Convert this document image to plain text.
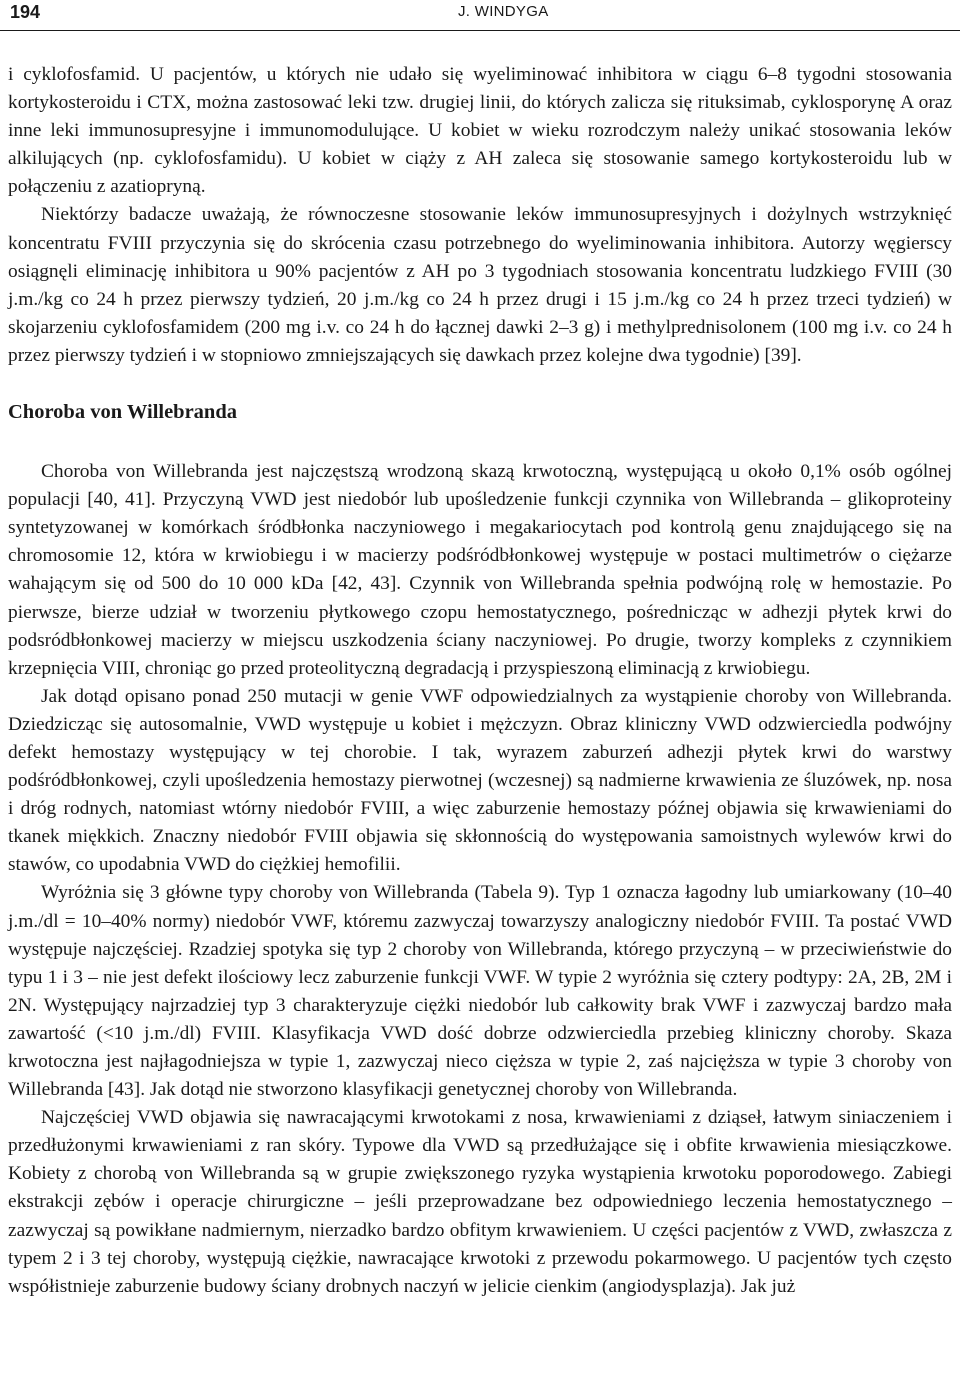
194	J. WINDYGA

i cyklofosfamid. U pacjentów, u których nie udało się wyeliminować inhibitora w ciągu 6–8 tygodni stosowania kortykosteroidu i CTX, można zastosować leki tzw. drugiej linii, do których zalicza się rituksimab, cyklosporynę A oraz inne leki immunosupresyjne i immunomodulujące. U kobiet w wieku rozrodczym należy unikać stosowania leków alkilujących (np. cyklofosfamidu). U kobiet w ciąży z AH zaleca się stosowanie samego kortykosteroidu lub w połączeniu z azatiopryną.

Niektórzy badacze uważają, że równoczesne stosowanie leków immunosupresyjnych i dożylnych wstrzyknięć koncentratu FVIII przyczynia się do skrócenia czasu potrzebnego do wyeliminowania inhibitora. Autorzy węgierscy osiągnęli eliminację inhibitora u 90% pacjentów z AH po 3 tygodniach stosowania koncentratu ludzkiego FVIII (30 j.m./kg co 24 h przez pierwszy tydzień, 20 j.m./kg co 24 h przez drugi i 15 j.m./kg co 24 h przez trzeci tydzień) w skojarzeniu cyklofosfamidem (200 mg i.v. co 24 h do łącznej dawki 2–3 g) i methylprednisolonem (100 mg i.v. co 24 h przez pierwszy tydzień i w stopniowo zmniejszających się dawkach przez kolejne dwa tygodnie) [39].

Choroba von Willebranda

Choroba von Willebranda jest najczęstszą wrodzoną skazą krwotoczną, występującą u około 0,1% osób ogólnej populacji [40, 41]. Przyczyną VWD jest niedobór lub upośledzenie funkcji czynnika von Willebranda – glikoproteiny syntetyzowanej w komórkach śródbłonka naczyniowego i megakariocytach pod kontrolą genu znajdującego się na chromosomie 12, która w krwiobiegu i w macierzy podśródbłonkowej występuje w postaci multimetrów o ciężarze wahającym się od 500 do 10 000 kDa [42, 43]. Czynnik von Willebranda spełnia podwójną rolę w hemostazie. Po pierwsze, bierze udział w tworzeniu płytkowego czopu hemostatycznego, pośrednicząc w adhezji płytek krwi do podsródbłonkowej macierzy w miejscu uszkodzenia ściany naczyniowej. Po drugie, tworzy kompleks z czynnikiem krzepnięcia VIII, chroniąc go przed proteolityczną degradacją i przyspieszoną eliminacją z krwiobiegu.

Jak dotąd opisano ponad 250 mutacji w genie VWF odpowiedzialnych za wystąpienie choroby von Willebranda. Dziedzicząc się autosomalnie, VWD występuje u kobiet i mężczyzn. Obraz kliniczny VWD odzwierciedla podwójny defekt hemostazy występujący w tej chorobie. I tak, wyrazem zaburzeń adhezji płytek krwi do warstwy podśródbłonkowej, czyli upośledzenia hemostazy pierwotnej (wczesnej) są nadmierne krwawienia ze śluzówek, np. nosa i dróg rodnych, natomiast wtórny niedobór FVIII, a więc zaburzenie hemostazy późnej objawia się krwawieniami do tkanek miękkich. Znaczny niedobór FVIII objawia się skłonnością do występowania samoistnych wylewów krwi do stawów, co upodabnia VWD do ciężkiej hemofilii.

Wyróżnia się 3 główne typy choroby von Willebranda (Tabela 9). Typ 1 oznacza łagodny lub umiarkowany (10–40 j.m./dl = 10–40% normy) niedobór VWF, któremu zazwyczaj towarzyszy analogiczny niedobór FVIII. Ta postać VWD występuje najczęściej. Rzadziej spotyka się typ 2 choroby von Willebranda, którego przyczyną – w przeciwieństwie do typu 1 i 3 – nie jest defekt ilościowy lecz zaburzenie funkcji VWF. W typie 2 wyróżnia się cztery podtypy: 2A, 2B, 2M i 2N. Występujący najrzadziej typ 3 charakteryzuje ciężki niedobór lub całkowity brak VWF i zazwyczaj bardzo mała zawartość (<10 j.m./dl) FVIII. Klasyfikacja VWD dość dobrze odzwierciedla przebieg kliniczny choroby. Skaza krwotoczna jest najłagodniejsza w typie 1, zazwyczaj nieco cięższa w typie 2, zaś najcięższa w typie 3 choroby von Willebranda [43]. Jak dotąd nie stworzono klasyfikacji genetycznej choroby von Willebranda.

Najczęściej VWD objawia się nawracającymi krwotokami z nosa, krwawieniami z dziąseł, łatwym siniaczeniem i przedłużonymi krwawieniami z ran skóry. Typowe dla VWD są przedłużające się i obfite krwawienia miesiączkowe. Kobiety z chorobą von Willebranda są w grupie zwiększonego ryzyka wystąpienia krwotoku poporodowego. Zabiegi ekstrakcji zębów i operacje chirurgiczne – jeśli przeprowadzane bez odpowiedniego leczenia hemostatycznego – zazwyczaj są powikłane nadmiernym, nierzadko bardzo obfitym krwawieniem. U części pacjentów z VWD, zwłaszcza z typem 2 i 3 tej choroby, występują ciężkie, nawracające krwotoki z przewodu pokarmowego. U pacjentów tych często współistnieje zaburzenie budowy ściany drobnych naczyń w jelicie cienkim (angiodysplazja). Jak już
